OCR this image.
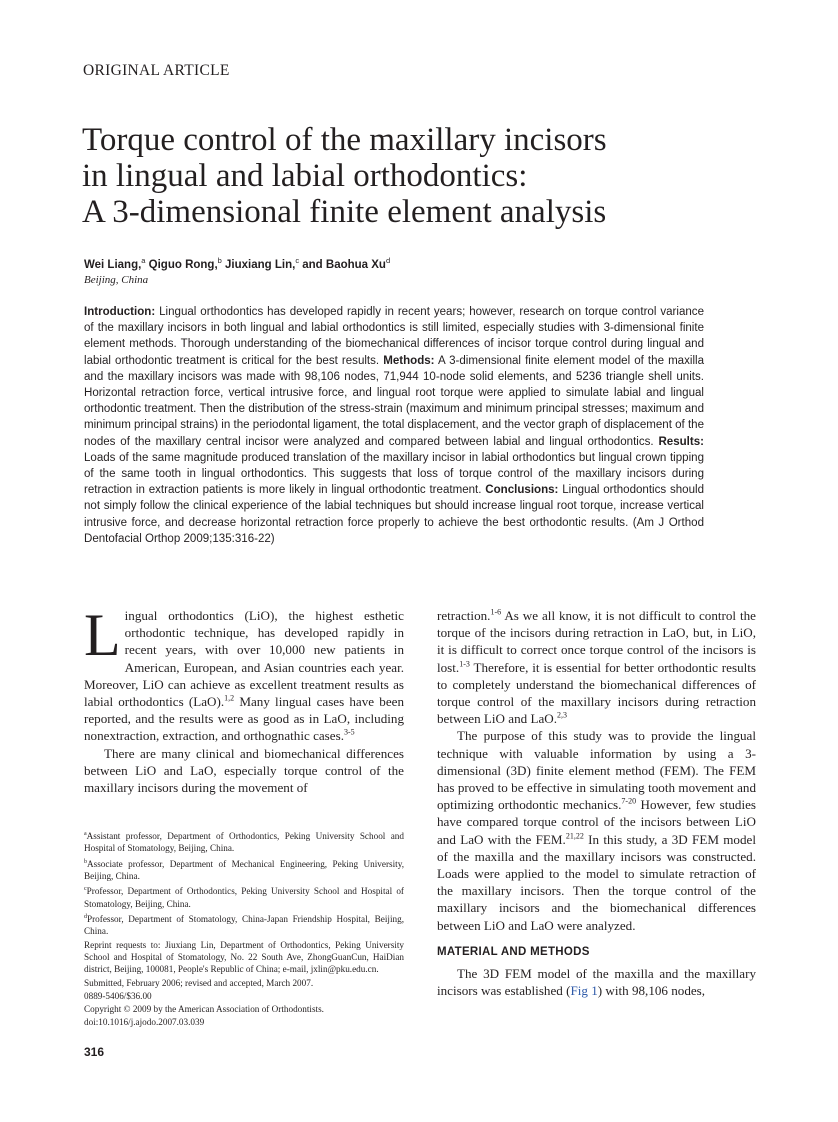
ORIGINAL ARTICLE
Torque control of the maxillary incisors
in lingual and labial orthodontics:
A 3-dimensional finite element analysis
Wei Liang,$^a$ Qiguo Rong,$^b$ Jiuxiang Lin,$^c$ and Baohua Xu$^d$
Beijing, China
Introduction: Lingual orthodontics has developed rapidly in recent years; however, research on torque control variance of the maxillary incisors in both lingual and labial orthodontics is still limited, especially studies with 3-dimensional finite element methods. Thorough understanding of the biomechanical differences of incisor torque control during lingual and labial orthodontic treatment is critical for the best results. Methods: A 3-dimensional finite element model of the maxilla and the maxillary incisors was made with 98,106 nodes, 71,944 10-node solid elements, and 5236 triangle shell units. Horizontal retraction force, vertical intrusive force, and lingual root torque were applied to simulate labial and lingual orthodontic treatment. Then the distribution of the stress-strain (maximum and minimum principal stresses; maximum and minimum principal strains) in the periodontal ligament, the total displacement, and the vector graph of displacement of the nodes of the maxillary central incisor were analyzed and compared between labial and lingual orthodontics. Results: Loads of the same magnitude produced translation of the maxillary incisor in labial orthodontics but lingual crown tipping of the same tooth in lingual orthodontics. This suggests that loss of torque control of the maxillary incisors during retraction in extraction patients is more likely in lingual orthodontic treatment. Conclusions: Lingual orthodontics should not simply follow the clinical experience of the labial techniques but should increase lingual root torque, increase vertical intrusive force, and decrease horizontal retraction force properly to achieve the best orthodontic results. (Am J Orthod Dentofacial Orthop 2009;135:316-22)

Lingual orthodontics (LiO), the highest esthetic orthodontic technique, has developed rapidly in recent years, with over 10,000 new patients in American, European, and Asian countries each year. Moreover, LiO can achieve as excellent treatment results as labial orthodontics (LaO).$^{1,2}$ Many lingual cases have been reported, and the results were as good as in LaO, including nonextraction, extraction, and orthognathic cases.$^{3-5}$

There are many clinical and biomechanical differences between LiO and LaO, especially torque control of the maxillary incisors during the movement of

$^a$Assistant professor, Department of Orthodontics, Peking University School and Hospital of Stomatology, Beijing, China.

$^b$Associate professor, Department of Mechanical Engineering, Peking University, Beijing, China.

$^c$Professor, Department of Orthodontics, Peking University School and Hospital of Stomatology, Beijing, China.

$^d$Professor, Department of Stomatology, China-Japan Friendship Hospital, Beijing, China.

Reprint requests to: Jiuxiang Lin, Department of Orthodontics, Peking University School and Hospital of Stomatology, No. 22 South Ave, ZhongGuanCun, HaiDian district, Beijing, 100081, People's Republic of China; e-mail, jxlin@pku.edu.cn.

Submitted, February 2006; revised and accepted, March 2007.

0889-5406/$36.00

Copyright © 2009 by the American Association of Orthodontists.

doi:10.1016/j.ajodo.2007.03.039

retraction.$^{1-6}$ As we all know, it is not difficult to control the torque of the incisors during retraction in LaO, but, in LiO, it is difficult to correct once torque control of the incisors is lost.$^{1-3}$ Therefore, it is essential for better orthodontic results to completely understand the biomechanical differences of torque control of the maxillary incisors during retraction between LiO and LaO.$^{2,3}$

The purpose of this study was to provide the lingual technique with valuable information by using a 3-dimensional (3D) finite element method (FEM). The FEM has proved to be effective in simulating tooth movement and optimizing orthodontic mechanics.$^{7-20}$ However, few studies have compared torque control of the incisors between LiO and LaO with the FEM.$^{21,22}$ In this study, a 3D FEM model of the maxilla and the maxillary incisors was constructed. Loads were applied to the model to simulate retraction of the maxillary incisors. Then the torque control of the maxillary incisors and the biomechanical differences between LiO and LaO were analyzed.

MATERIAL AND METHODS

The 3D FEM model of the maxilla and the maxillary incisors was established (Fig 1) with 98,106 nodes,

316
